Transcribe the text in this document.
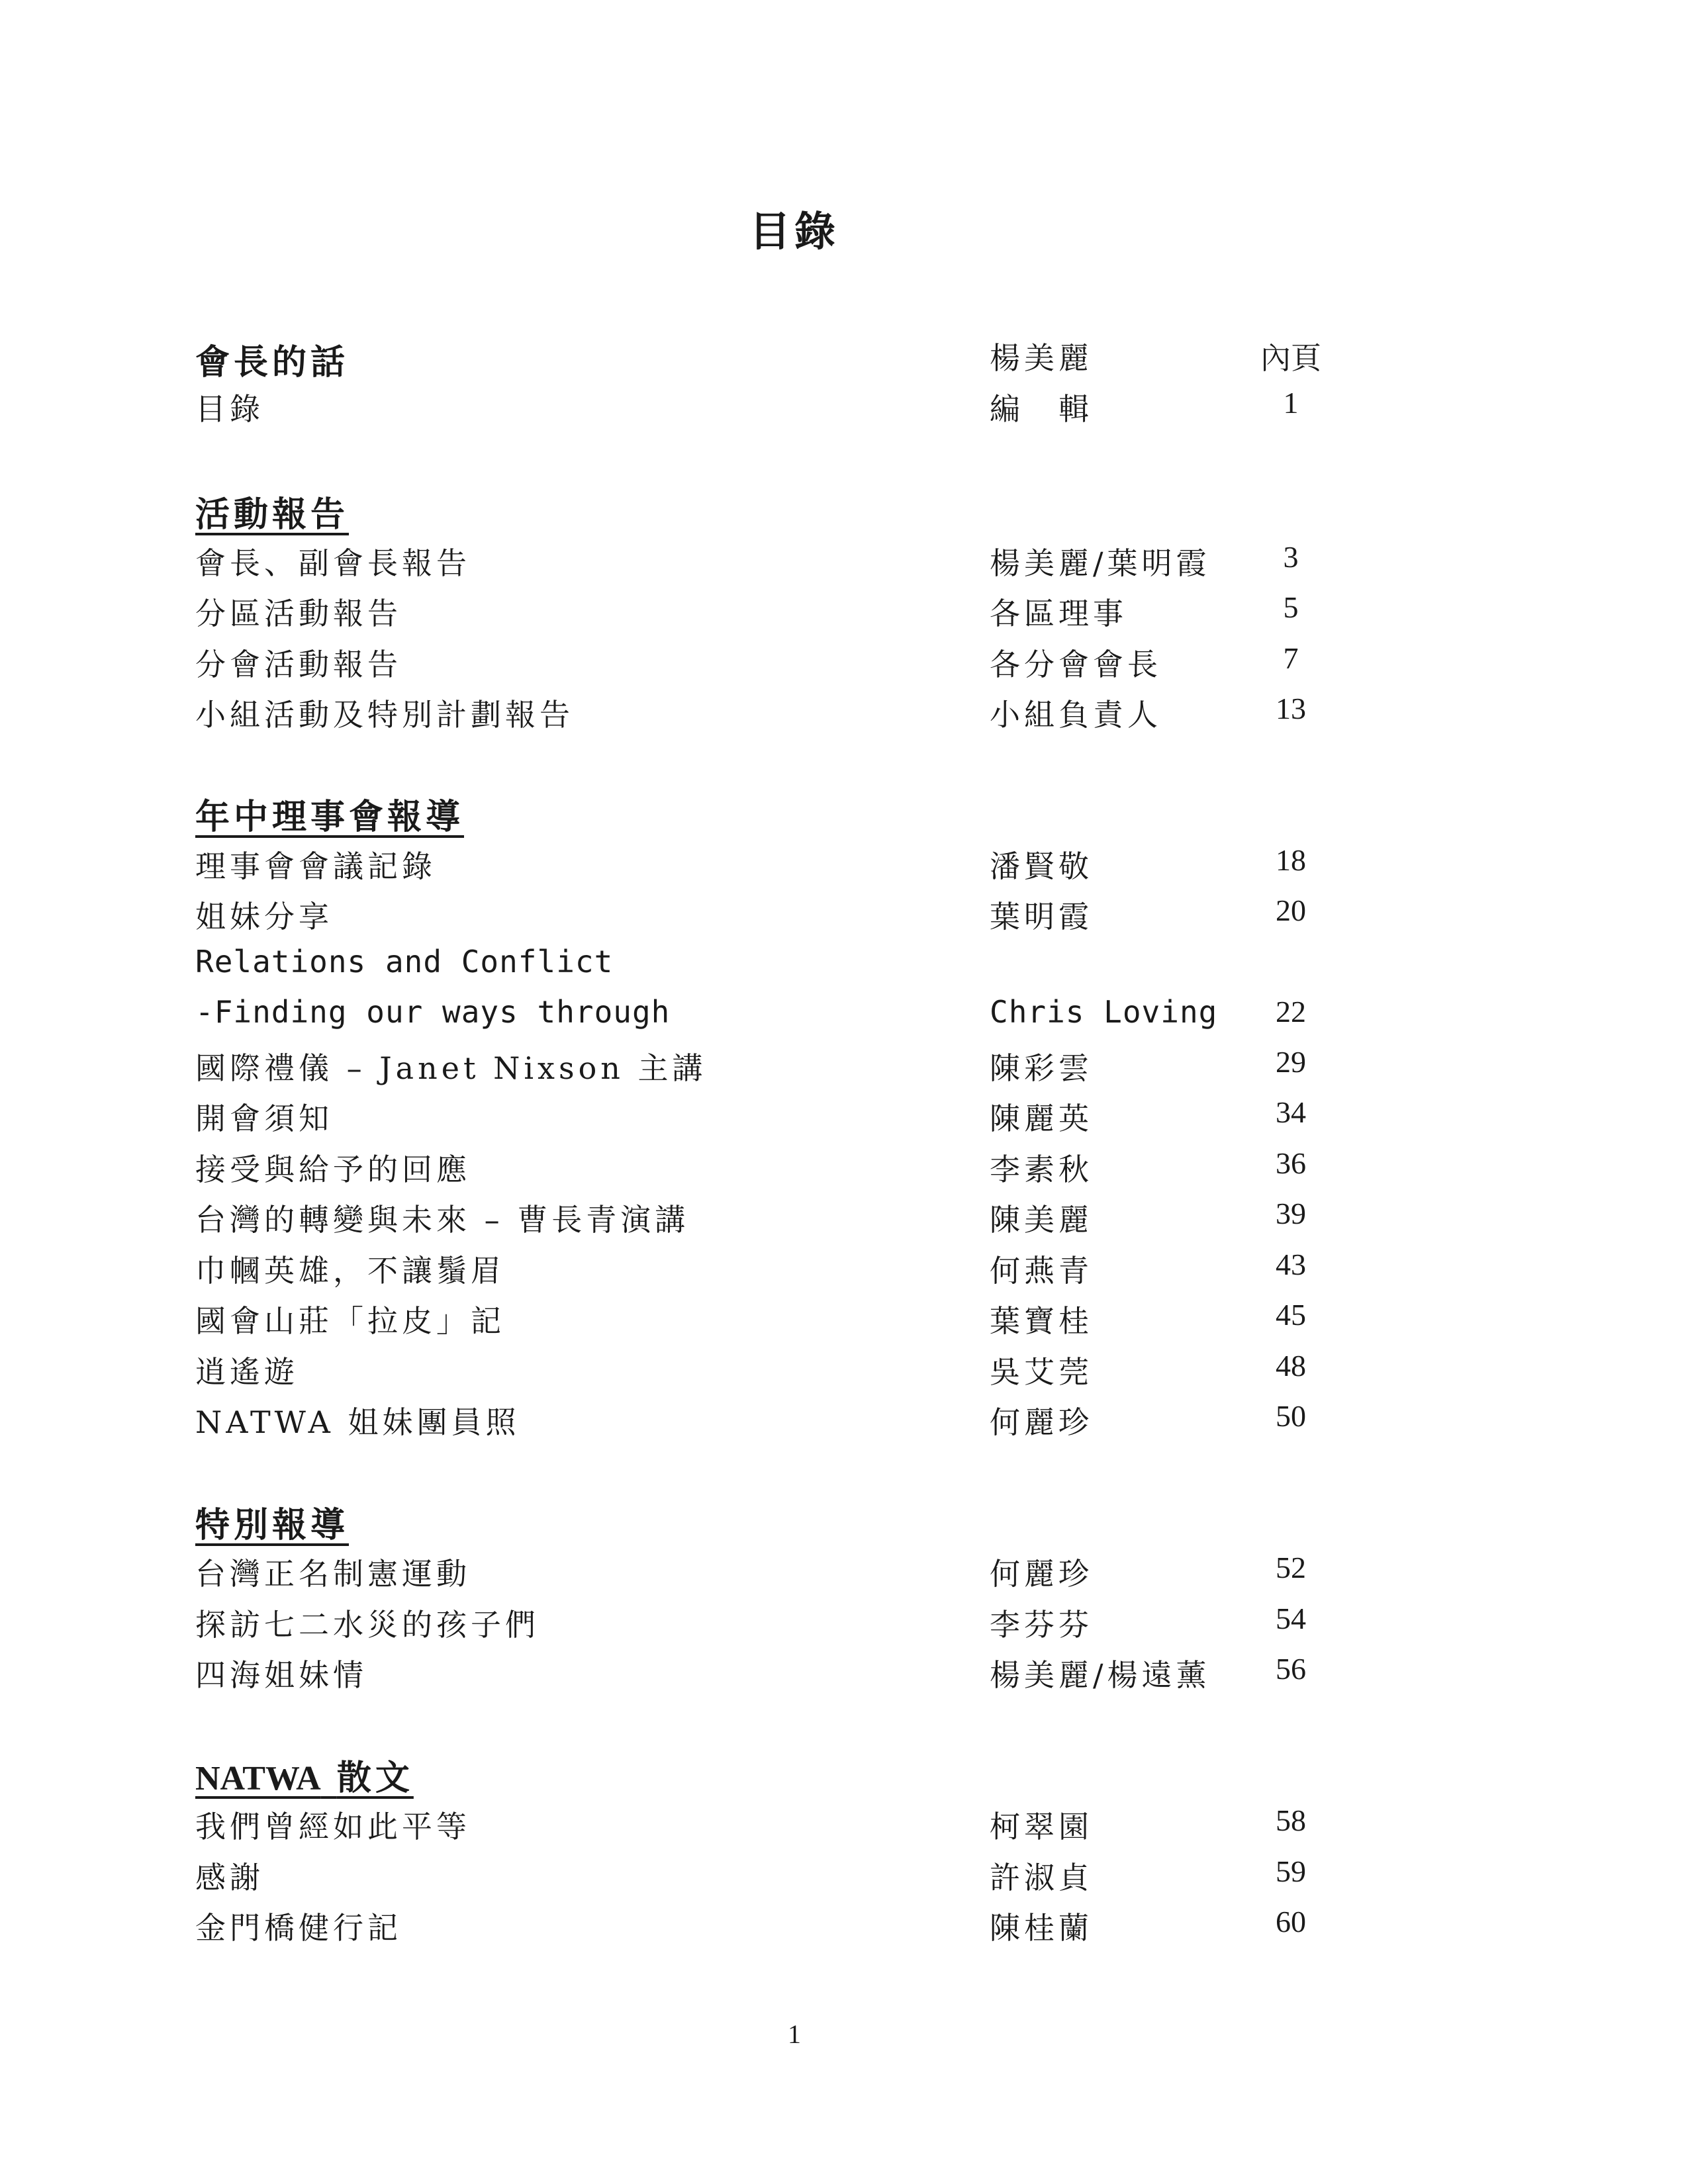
目錄
會長的話	楊美麗	內頁
目錄	編　輯	1
活動報告
會長、副會長報告	楊美麗/葉明霞	3
分區活動報告	各區理事	5
分會活動報告	各分會會長	7
小組活動及特別計劃報告	小組負責人	13
年中理事會報導
理事會會議記錄	潘賢敬	18
姐妹分享	葉明霞	20
Relations and Conflict
-Finding our ways through	Chris Loving	22
國際禮儀 – Janet Nixson 主講	陳彩雲	29
開會須知	陳麗英	34
接受與給予的回應	李素秋	36
台灣的轉變與未來 – 曹長青演講	陳美麗	39
巾幗英雄，不讓鬚眉	何燕青	43
國會山莊「拉皮」記	葉寶桂	45
逍遙遊	吳艾莞	48
NATWA 姐妹團員照	何麗珍	50
特別報導
台灣正名制憲運動	何麗珍	52
探訪七二水災的孩子們	李芬芬	54
四海姐妹情	楊美麗/楊遠薰	56
NATWA 散文
我們曾經如此平等	柯翠園	58
感謝	許淑貞	59
金門橋健行記	陳桂蘭	60
1
